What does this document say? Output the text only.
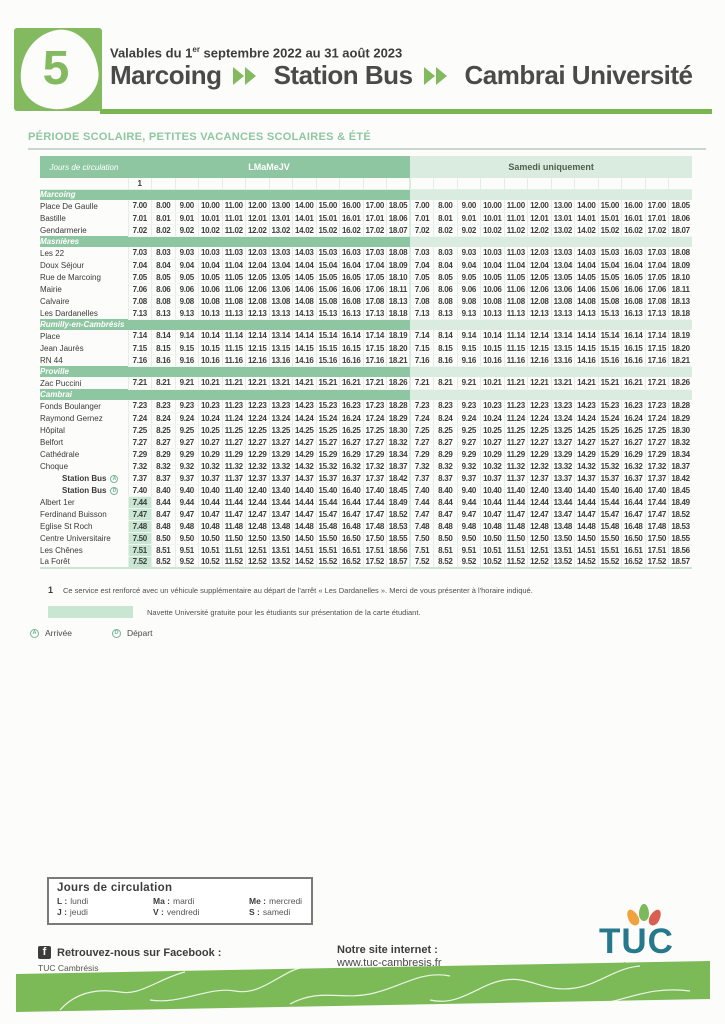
5	Valables du 1er septembre 2022 au 31 août 2023
Marcoing Station Bus Cambrai Université
PÉRIODE SCOLAIRE, PETITES VACANCES SCOLAIRES & ÉTÉ
Jours de circulation	LMaMeJV												Samedi uniquement											
	1																							
Marcoing																								
Place De Gaulle	7.00	8.00	9.00	10.00	11.00	12.00	13.00	14.00	15.00	16.00	17.00	18.05	7.00	8.00	9.00	10.00	11.00	12.00	13.00	14.00	15.00	16.00	17.00	18.05
Bastille	7.01	8.01	9.01	10.01	11.01	12.01	13.01	14.01	15.01	16.01	17.01	18.06	7.01	8.01	9.01	10.01	11.01	12.01	13.01	14.01	15.01	16.01	17.01	18.06
Gendarmerie	7.02	8.02	9.02	10.02	11.02	12.02	13.02	14.02	15.02	16.02	17.02	18.07	7.02	8.02	9.02	10.02	11.02	12.02	13.02	14.02	15.02	16.02	17.02	18.07
Masnières																								
Les 22	7.03	8.03	9.03	10.03	11.03	12.03	13.03	14.03	15.03	16.03	17.03	18.08	7.03	8.03	9.03	10.03	11.03	12.03	13.03	14.03	15.03	16.03	17.03	18.08
Doux Séjour	7.04	8.04	9.04	10.04	11.04	12.04	13.04	14.04	15.04	16.04	17.04	18.09	7.04	8.04	9.04	10.04	11.04	12.04	13.04	14.04	15.04	16.04	17.04	18.09
Rue de Marcoing	7.05	8.05	9.05	10.05	11.05	12.05	13.05	14.05	15.05	16.05	17.05	18.10	7.05	8.05	9.05	10.05	11.05	12.05	13.05	14.05	15.05	16.05	17.05	18.10
Mairie	7.06	8.06	9.06	10.06	11.06	12.06	13.06	14.06	15.06	16.06	17.06	18.11	7.06	8.06	9.06	10.06	11.06	12.06	13.06	14.06	15.06	16.06	17.06	18.11
Calvaire	7.08	8.08	9.08	10.08	11.08	12.08	13.08	14.08	15.08	16.08	17.08	18.13	7.08	8.08	9.08	10.08	11.08	12.08	13.08	14.08	15.08	16.08	17.08	18.13
Les Dardanelles	7.13	8.13	9.13	10.13	11.13	12.13	13.13	14.13	15.13	16.13	17.13	18.18	7.13	8.13	9.13	10.13	11.13	12.13	13.13	14.13	15.13	16.13	17.13	18.18
Rumilly-en-Cambrésis																								
Place	7.14	8.14	9.14	10.14	11.14	12.14	13.14	14.14	15.14	16.14	17.14	18.19	7.14	8.14	9.14	10.14	11.14	12.14	13.14	14.14	15.14	16.14	17.14	18.19
Jean Jaurès	7.15	8.15	9.15	10.15	11.15	12.15	13.15	14.15	15.15	16.15	17.15	18.20	7.15	8.15	9.15	10.15	11.15	12.15	13.15	14.15	15.15	16.15	17.15	18.20
RN 44	7.16	8.16	9.16	10.16	11.16	12.16	13.16	14.16	15.16	16.16	17.16	18.21	7.16	8.16	9.16	10.16	11.16	12.16	13.16	14.16	15.16	16.16	17.16	18.21
Proville																								
Zac Puccini	7.21	8.21	9.21	10.21	11.21	12.21	13.21	14.21	15.21	16.21	17.21	18.26	7.21	8.21	9.21	10.21	11.21	12.21	13.21	14.21	15.21	16.21	17.21	18.26
Cambrai																								
Fonds Boulanger	7.23	8.23	9.23	10.23	11.23	12.23	13.23	14.23	15.23	16.23	17.23	18.28	7.23	8.23	9.23	10.23	11.23	12.23	13.23	14.23	15.23	16.23	17.23	18.28
Raymond Gernez	7.24	8.24	9.24	10.24	11.24	12.24	13.24	14.24	15.24	16.24	17.24	18.29	7.24	8.24	9.24	10.24	11.24	12.24	13.24	14.24	15.24	16.24	17.24	18.29
Hôpital	7.25	8.25	9.25	10.25	11.25	12.25	13.25	14.25	15.25	16.25	17.25	18.30	7.25	8.25	9.25	10.25	11.25	12.25	13.25	14.25	15.25	16.25	17.25	18.30
Belfort	7.27	8.27	9.27	10.27	11.27	12.27	13.27	14.27	15.27	16.27	17.27	18.32	7.27	8.27	9.27	10.27	11.27	12.27	13.27	14.27	15.27	16.27	17.27	18.32
Cathédrale	7.29	8.29	9.29	10.29	11.29	12.29	13.29	14.29	15.29	16.29	17.29	18.34	7.29	8.29	9.29	10.29	11.29	12.29	13.29	14.29	15.29	16.29	17.29	18.34
Choque	7.32	8.32	9.32	10.32	11.32	12.32	13.32	14.32	15.32	16.32	17.32	18.37	7.32	8.32	9.32	10.32	11.32	12.32	13.32	14.32	15.32	16.32	17.32	18.37
Station Bus A	7.37	8.37	9.37	10.37	11.37	12.37	13.37	14.37	15.37	16.37	17.37	18.42	7.37	8.37	9.37	10.37	11.37	12.37	13.37	14.37	15.37	16.37	17.37	18.42
Station Bus D	7.40	8.40	9.40	10.40	11.40	12.40	13.40	14.40	15.40	16.40	17.40	18.45	7.40	8.40	9.40	10.40	11.40	12.40	13.40	14.40	15.40	16.40	17.40	18.45
Albert 1er	7.44	8.44	9.44	10.44	11.44	12.44	13.44	14.44	15.44	16.44	17.44	18.49	7.44	8.44	9.44	10.44	11.44	12.44	13.44	14.44	15.44	16.44	17.44	18.49
Ferdinand Buisson	7.47	8.47	9.47	10.47	11.47	12.47	13.47	14.47	15.47	16.47	17.47	18.52	7.47	8.47	9.47	10.47	11.47	12.47	13.47	14.47	15.47	16.47	17.47	18.52
Eglise St Roch	7.48	8.48	9.48	10.48	11.48	12.48	13.48	14.48	15.48	16.48	17.48	18.53	7.48	8.48	9.48	10.48	11.48	12.48	13.48	14.48	15.48	16.48	17.48	18.53
Centre Universitaire	7.50	8.50	9.50	10.50	11.50	12.50	13.50	14.50	15.50	16.50	17.50	18.55	7.50	8.50	9.50	10.50	11.50	12.50	13.50	14.50	15.50	16.50	17.50	18.55
Les Chênes	7.51	8.51	9.51	10.51	11.51	12.51	13.51	14.51	15.51	16.51	17.51	18.56	7.51	8.51	9.51	10.51	11.51	12.51	13.51	14.51	15.51	16.51	17.51	18.56
La Forêt	7.52	8.52	9.52	10.52	11.52	12.52	13.52	14.52	15.52	16.52	17.52	18.57	7.52	8.52	9.52	10.52	11.52	12.52	13.52	14.52	15.52	16.52	17.52	18.57
1 Ce service est renforcé avec un véhicule supplémentaire au départ de l'arrêt « Les Dardanelles ». Merci de vous présenter à l'horaire indiqué.
Navette Université gratuite pour les étudiants sur présentation de la carte étudiant.
A Arrivée	D Départ
Jours de circulation
L : lundi	Ma : mardi	Me : mercredi
J : jeudi	V : vendredi	S : samedi
f Retrouvez-nous sur Facebook :
TUC Cambrésis
Notre site internet :
www.tuc-cambresis.fr
TUC
